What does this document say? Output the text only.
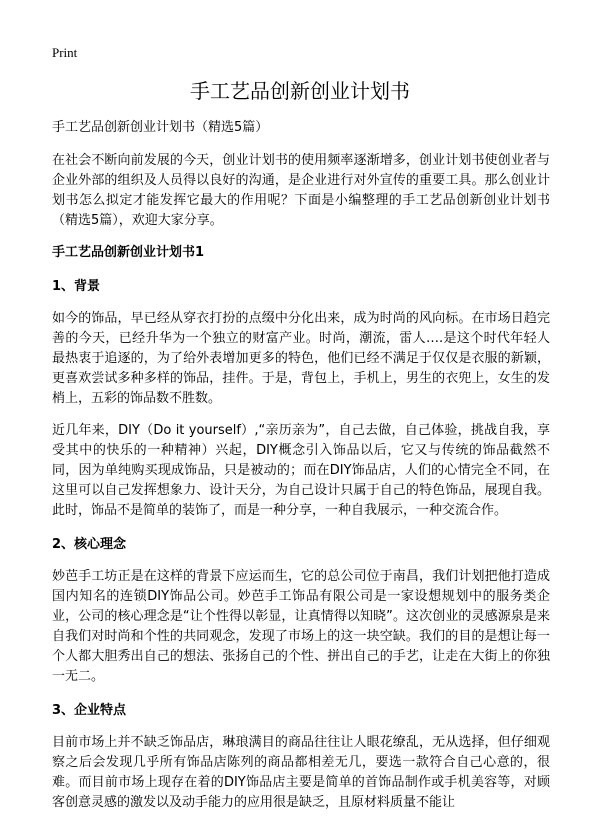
Print
手工艺品创新创业计划书

手工艺品创新创业计划书（精选5篇）

在社会不断向前发展的今天，创业计划书的使用频率逐渐增多，创业计划书使创业者与企业外部的组织及人员得以良好的沟通，是企业进行对外宣传的重要工具。那么创业计划书怎么拟定才能发挥它最大的作用呢？下面是小编整理的手工艺品创新创业计划书（精选5篇），欢迎大家分享。

手工艺品创新创业计划书1

1、背景

如今的饰品，早已经从穿衣打扮的点缀中分化出来，成为时尚的风向标。在市场日趋完善的今天，已经升华为一个独立的财富产业。时尚，潮流，雷人….是这个时代年轻人最热衷于追逐的，为了给外表增加更多的特色，他们已经不满足于仅仅是衣服的新颖，更喜欢尝试多种多样的饰品，挂件。于是，背包上，手机上，男生的衣兜上，女生的发梢上，五彩的饰品数不胜数。

近几年来，DIY（Do it yourself）,“亲历亲为”，自己去做，自己体验，挑战自我，享受其中的快乐的一种精神）兴起，DIY概念引入饰品以后，它又与传统的饰品截然不同，因为单纯购买现成饰品，只是被动的；而在DIY饰品店，人们的心情完全不同，在这里可以自己发挥想象力、设计天分，为自己设计只属于自己的特色饰品，展现自我。此时，饰品不是简单的装饰了，而是一种分享，一种自我展示，一种交流合作。

2、核心理念

妙芭手工坊正是在这样的背景下应运而生，它的总公司位于南昌，我们计划把他打造成国内知名的连锁DIY饰品公司。妙芭手工饰品有限公司是一家设想规划中的服务类企业，公司的核心理念是“让个性得以彰显，让真情得以知晓”。这次创业的灵感源泉是来自我们对时尚和个性的共同观念，发现了市场上的这一块空缺。我们的目的是想让每一个人都大胆秀出自己的想法、张扬自己的个性、拼出自己的手艺，让走在大街上的你独一无二。

3、企业特点

目前市场上并不缺乏饰品店，琳琅满目的商品往往让人眼花缭乱，无从选择，但仔细观察之后会发现几乎所有饰品店陈列的商品都相差无几，要选一款符合自己心意的，很难。而目前市场上现存在着的DIY饰品店主要是简单的首饰品制作或手机美容等，对顾客创意灵感的激发以及动手能力的应用很是缺乏，且原材料质量不能让
